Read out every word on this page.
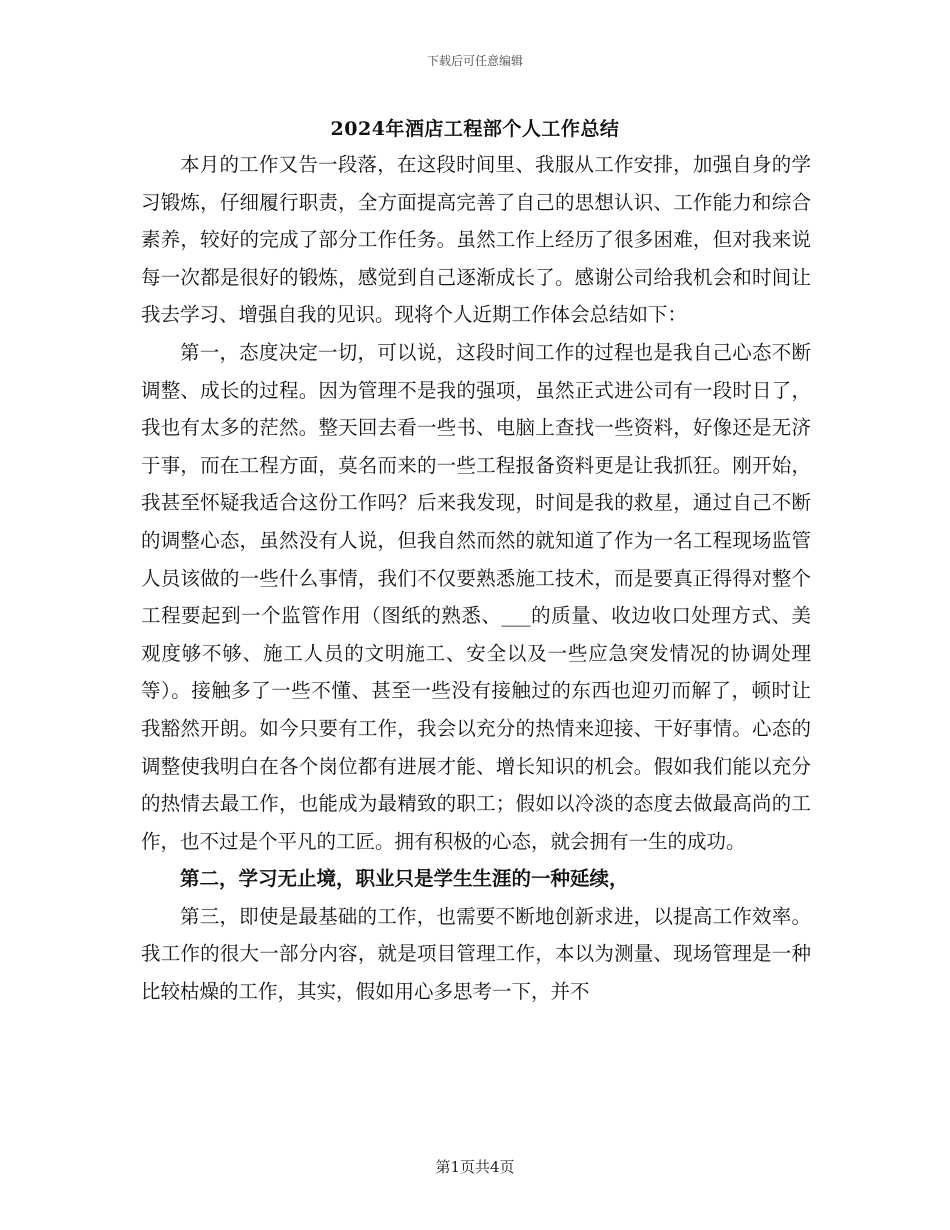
下载后可任意编辑
2024年酒店工程部个人工作总结

本月的工作又告一段落，在这段时间里、我服从工作安排，加强自身的学习锻炼，仔细履行职责，全方面提高完善了自己的思想认识、工作能力和综合素养，较好的完成了部分工作任务。虽然工作上经历了很多困难，但对我来说每一次都是很好的锻炼，感觉到自己逐渐成长了。感谢公司给我机会和时间让我去学习、增强自我的见识。现将个人近期工作体会总结如下：

第一，态度决定一切，可以说，这段时间工作的过程也是我自己心态不断调整、成长的过程。因为管理不是我的强项，虽然正式进公司有一段时日了，我也有太多的茫然。整天回去看一些书、电脑上查找一些资料，好像还是无济于事，而在工程方面，莫名而来的一些工程报备资料更是让我抓狂。刚开始，我甚至怀疑我适合这份工作吗？后来我发现，时间是我的救星，通过自己不断的调整心态，虽然没有人说，但我自然而然的就知道了作为一名工程现场监管人员该做的一些什么事情，我们不仅要熟悉施工技术，而是要真正得得对整个工程要起到一个监管作用（图纸的熟悉、___的质量、收边收口处理方式、美观度够不够、施工人员的文明施工、安全以及一些应急突发情况的协调处理等）。接触多了一些不懂、甚至一些没有接触过的东西也迎刃而解了，顿时让我豁然开朗。如今只要有工作，我会以充分的热情来迎接、干好事情。心态的调整使我明白在各个岗位都有进展才能、增长知识的机会。假如我们能以充分的热情去最工作，也能成为最精致的职工；假如以冷淡的态度去做最高尚的工作，也不过是个平凡的工匠。拥有积极的心态，就会拥有一生的成功。

第二，学习无止境，职业只是学生生涯的一种延续，

第三，即使是最基础的工作，也需要不断地创新求进，以提高工作效率。我工作的很大一部分内容，就是项目管理工作，本以为测量、现场管理是一种比较枯燥的工作，其实，假如用心多思考一下，并不

第1页共4页
